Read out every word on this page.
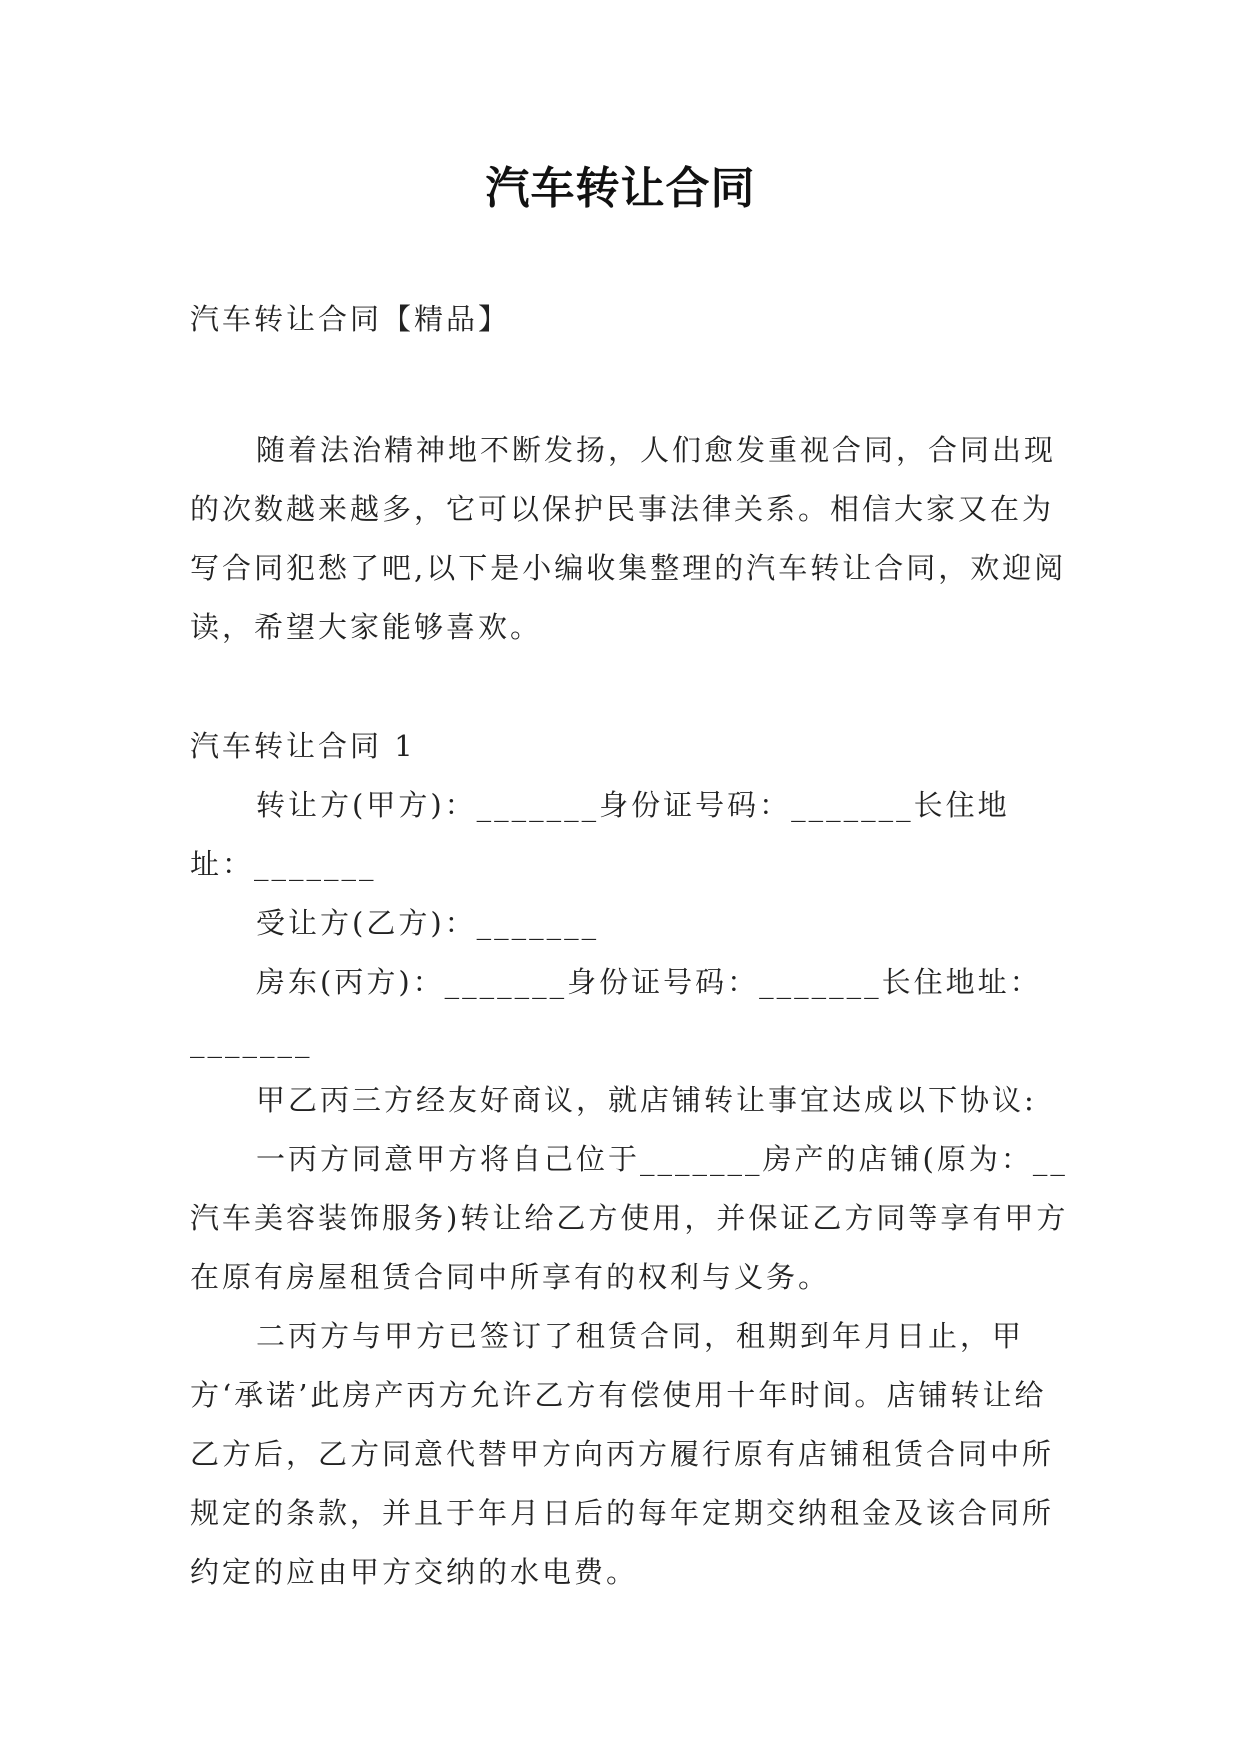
汽车转让合同

汽车转让合同【精品】

随着法治精神地不断发扬，人们愈发重视合同，合同出现的次数越来越多，它可以保护民事法律关系。相信大家又在为写合同犯愁了吧,以下是小编收集整理的汽车转让合同，欢迎阅读，希望大家能够喜欢。

汽车转让合同 1

转让方(甲方)：_______身份证号码：_______长住地址：_______

受让方(乙方)：_______

房东(丙方)：_______身份证号码：_______长住地址：_______

甲乙丙三方经友好商议，就店铺转让事宜达成以下协议:

一丙方同意甲方将自己位于_______房产的店铺(原为：__汽车美容装饰服务)转让给乙方使用，并保证乙方同等享有甲方在原有房屋租赁合同中所享有的权利与义务。

二丙方与甲方已签订了租赁合同，租期到年月日止，甲方‘承诺’此房产丙方允许乙方有偿使用十年时间。店铺转让给乙方后，乙方同意代替甲方向丙方履行原有店铺租赁合同中所规定的条款，并且于年月日后的每年定期交纳租金及该合同所约定的应由甲方交纳的水电费。
